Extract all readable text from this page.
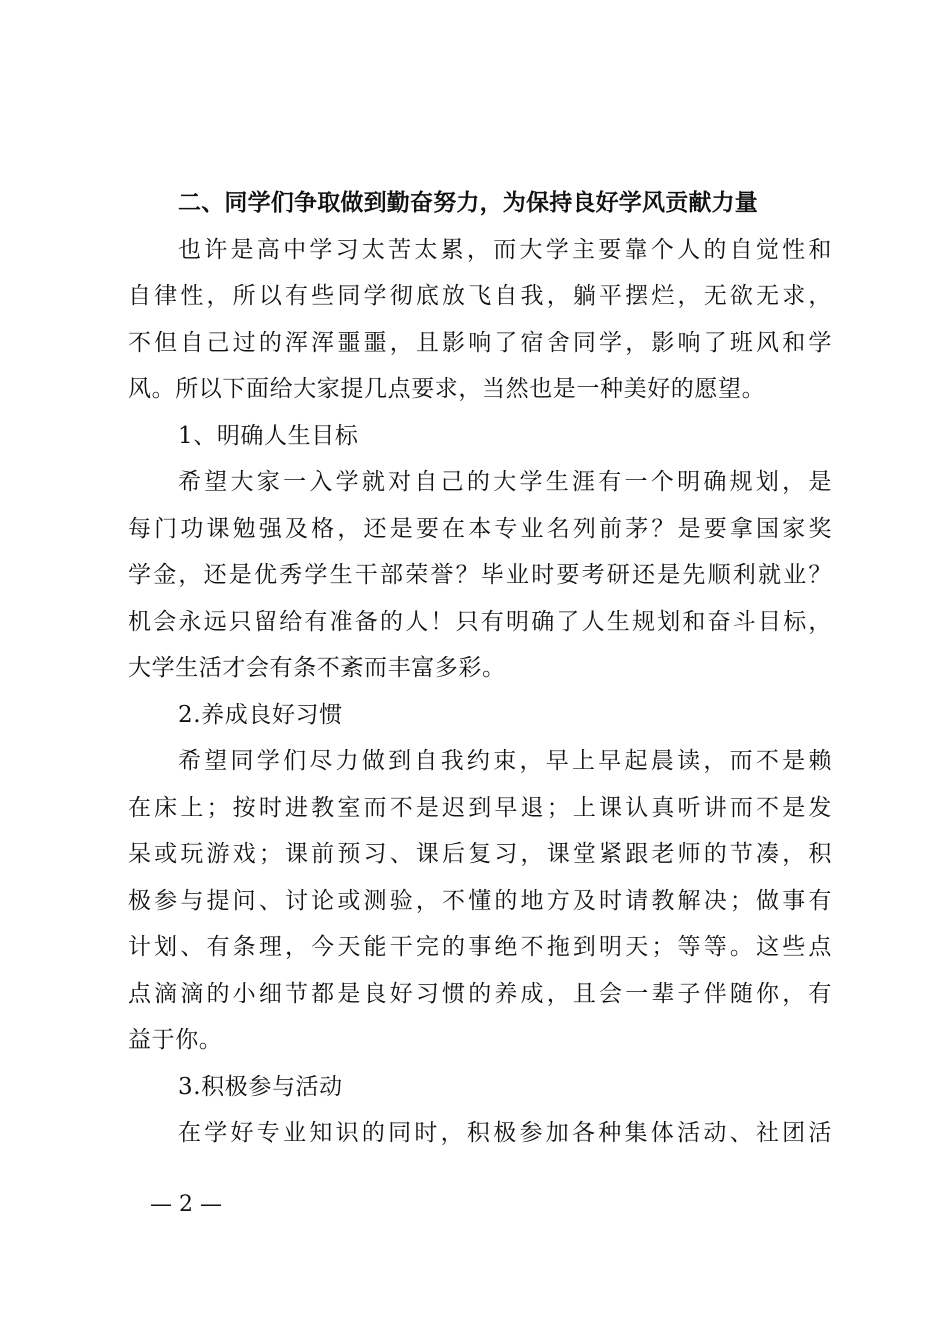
二、同学们争取做到勤奋努力，为保持良好学风贡献力量
也许是高中学习太苦太累，而大学主要靠个人的自觉性和
自律性，所以有些同学彻底放飞自我，躺平摆烂，无欲无求，
不但自己过的浑浑噩噩，且影响了宿舍同学，影响了班风和学
风。所以下面给大家提几点要求，当然也是一种美好的愿望。
1、明确人生目标
希望大家一入学就对自己的大学生涯有一个明确规划，是
每门功课勉强及格，还是要在本专业名列前茅？是要拿国家奖
学金，还是优秀学生干部荣誉？毕业时要考研还是先顺利就业？
机会永远只留给有准备的人！只有明确了人生规划和奋斗目标，
大学生活才会有条不紊而丰富多彩。
2.养成良好习惯
希望同学们尽力做到自我约束，早上早起晨读，而不是赖
在床上；按时进教室而不是迟到早退；上课认真听讲而不是发
呆或玩游戏；课前预习、课后复习，课堂紧跟老师的节凑，积
极参与提问、讨论或测验，不懂的地方及时请教解决；做事有
计划、有条理，今天能干完的事绝不拖到明天；等等。这些点
点滴滴的小细节都是良好习惯的养成，且会一辈子伴随你，有
益于你。
3.积极参与活动
在学好专业知识的同时，积极参加各种集体活动、社团活
— 2 —
